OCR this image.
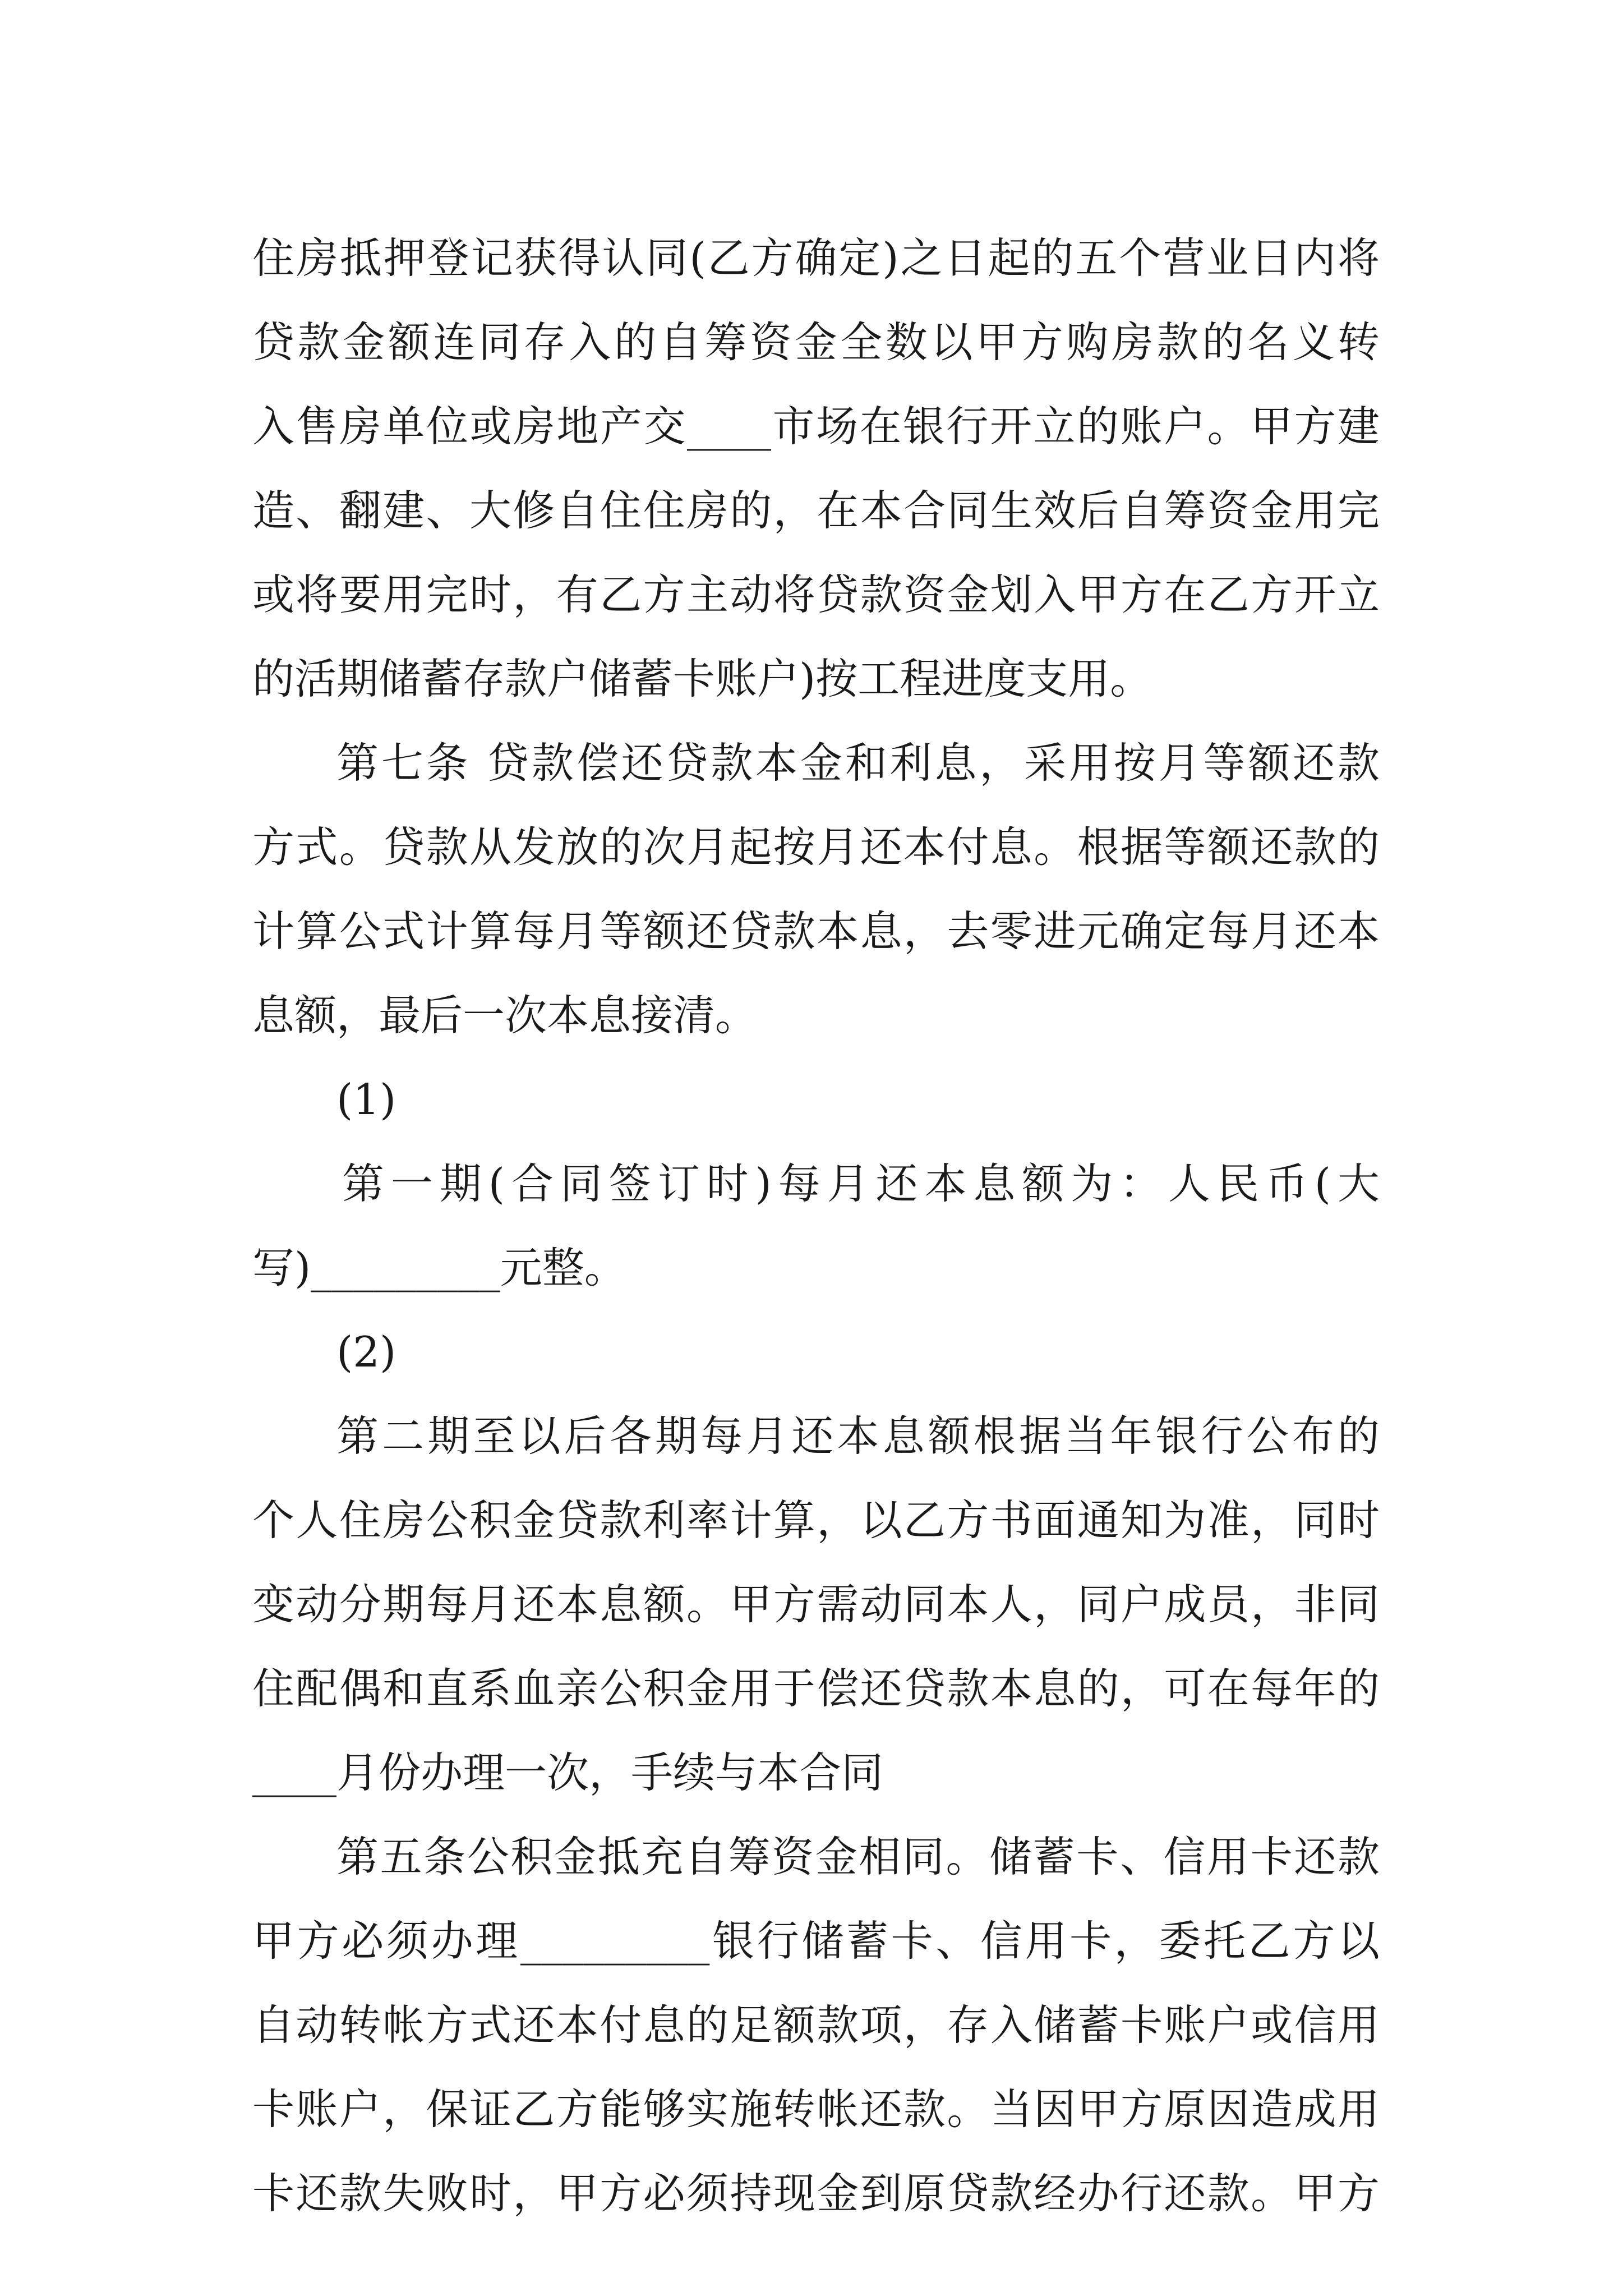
住房抵押登记获得认同(乙方确定)之日起的五个营业日内将
贷款金额连同存入的自筹资金全数以甲方购房款的名义转
入售房单位或房地产交____市场在银行开立的账户。甲方建
造、翻建、大修自住住房的，在本合同生效后自筹资金用完
或将要用完时，有乙方主动将贷款资金划入甲方在乙方开立
的活期储蓄存款户储蓄卡账户)按工程进度支用。
第七条 贷款偿还贷款本金和利息，采用按月等额还款
方式。贷款从发放的次月起按月还本付息。根据等额还款的
计算公式计算每月等额还贷款本息，去零进元确定每月还本
息额，最后一次本息接清。
(1)
第一期(合同签订时)每月还本息额为：人民币(大
写)_________元整。
(2)
第二期至以后各期每月还本息额根据当年银行公布的
个人住房公积金贷款利率计算，以乙方书面通知为准，同时
变动分期每月还本息额。甲方需动同本人，同户成员，非同
住配偶和直系血亲公积金用于偿还贷款本息的，可在每年的
____月份办理一次，手续与本合同
第五条公积金抵充自筹资金相同。储蓄卡、信用卡还款
甲方必须办理_________银行储蓄卡、信用卡，委托乙方以
自动转帐方式还本付息的足额款项，存入储蓄卡账户或信用
卡账户，保证乙方能够实施转帐还款。当因甲方原因造成用
卡还款失败时，甲方必须持现金到原贷款经办行还款。甲方
